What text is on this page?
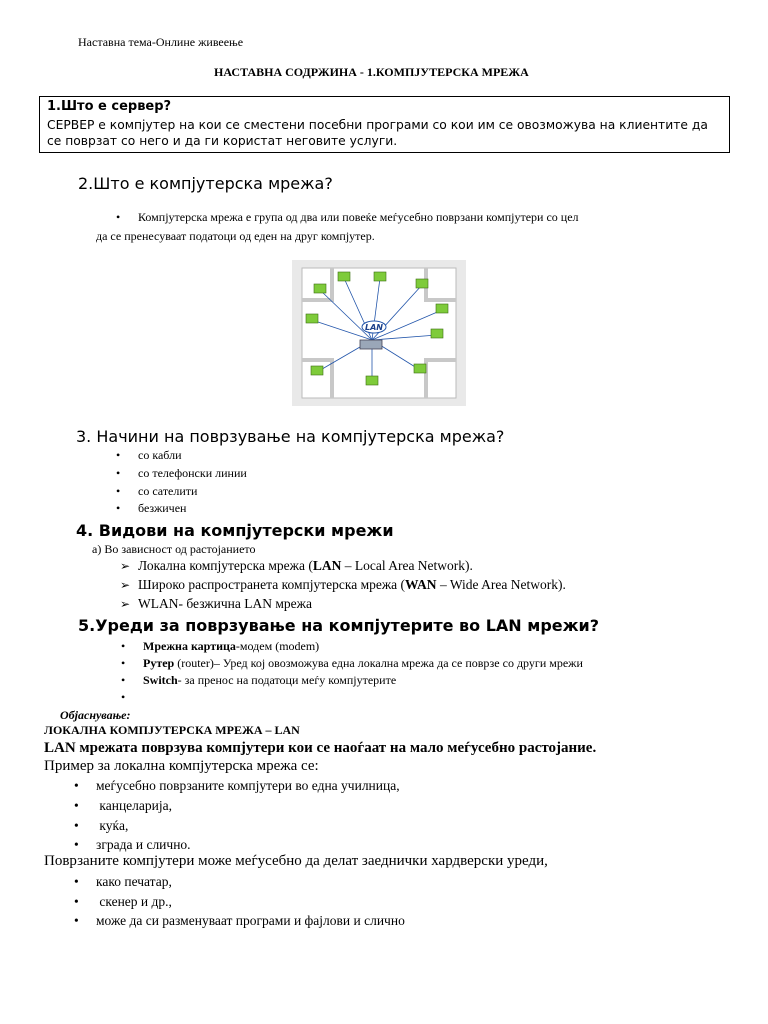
Наставна тема-Онлине живеење
НАСТАВНА СОДРЖИНА - 1.КОМПЈУТЕРСКА МРЕЖА
1.Што е сервер?
СЕРВЕР е компјутер на кои се сместени посебни програми со кои им се овозможува на клиентите да
се поврзат со него и да ги користат неговите услуги.
2.Што е компјутерска мрежа?
• Компјутерска мрежа е група од два или повеќе меѓусебно поврзани компјутери со цел
да се пренесуваат податоци од еден на друг компјутер.
LAN
3. Начини на поврзување на компјутерска мрежа?
• со кабли
• со телефонски линии
• со сателити
• безжичен
4. Видови на компјутерски мрежи
а) Во зависност од растојанието
➢ Локална компјутерска мрежа (LAN – Local Area Network).
➢ Широко распространета компјутерска мрежа (WAN – Wide Area Network).
➢ WLAN- безжична LAN мрежа
5.Уреди за поврзување на компјутерите во LAN мрежи?
• Мрежна картица-модем (modem)
• Рутер (router)– Уред кој овозможува една локална мрежа да се поврзе со други мрежи
• Switch- за пренос на податоци меѓу компјутерите
Објаснување:
ЛОКАЛНА КОМПЈУТЕРСКА МРЕЖА – LAN
LAN мрежата поврзува компјутери кои се наоѓаат на мало меѓусебно растојание.
Пример за локална компјутерска мрежа се:
• меѓусебно поврзаните компјутери во една училница,
•  канцеларија,
•  куќа,
• зграда и слично.
Поврзаните компјутери може меѓусебно да делат заеднички хардверски уреди,
• како печатар,
•  скенер и др.,
• може да си разменуваат програми и фајлови и слично
